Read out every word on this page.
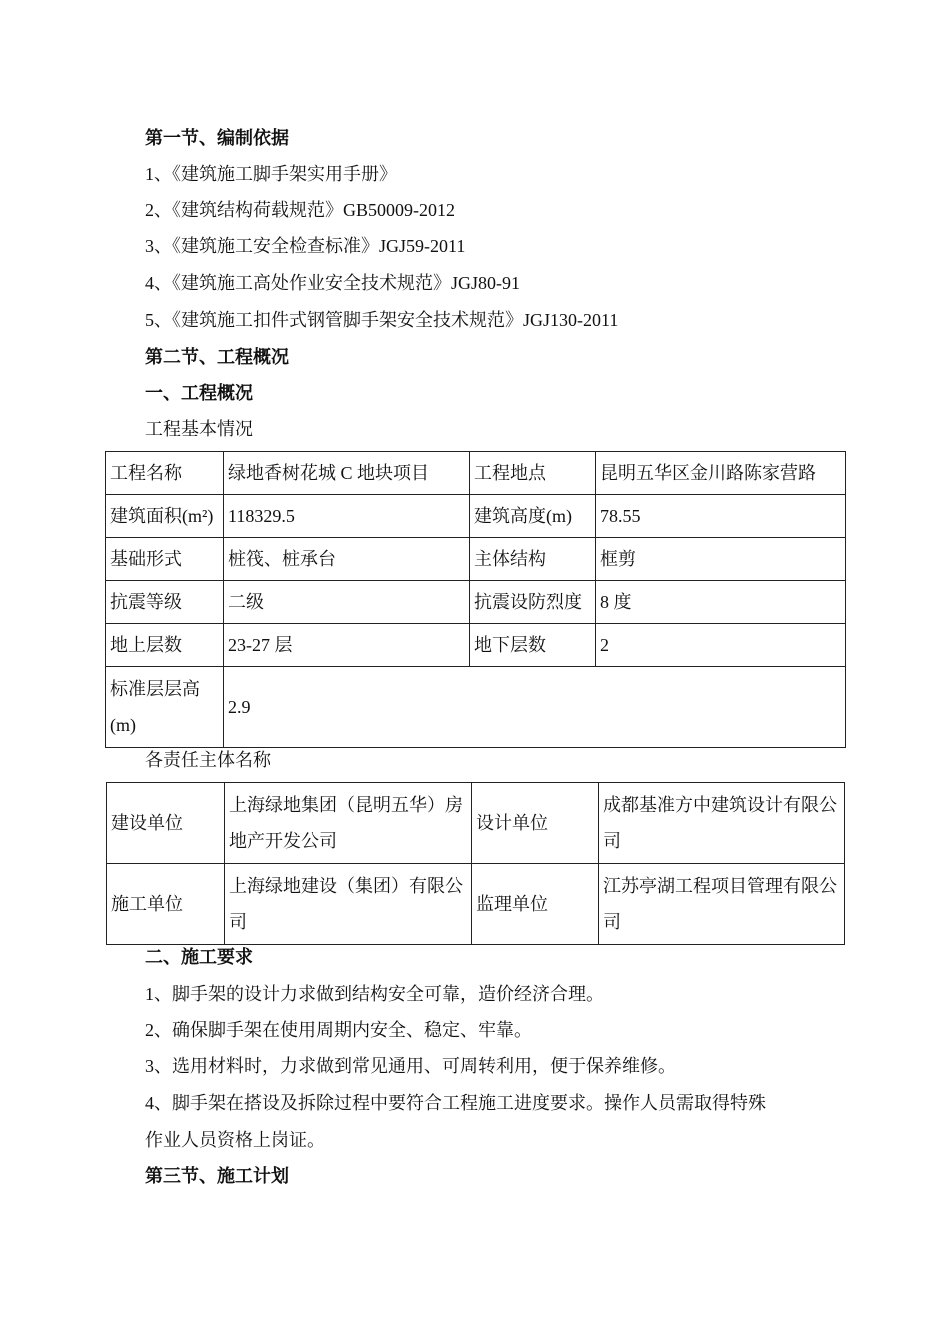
第一节、编制依据
1、《建筑施工脚手架实用手册》
2、《建筑结构荷载规范》GB50009-2012
3、《建筑施工安全检查标准》JGJ59-2011
4、《建筑施工高处作业安全技术规范》JGJ80-91
5、《建筑施工扣件式钢管脚手架安全技术规范》JGJ130-2011
第二节、工程概况
一、工程概况
工程基本情况
工程名称	绿地香树花城 C 地块项目	工程地点	昆明五华区金川路陈家营路
建筑面积(m²)	118329.5	建筑高度(m)	78.55
基础形式	桩筏、桩承台	主体结构	框剪
抗震等级	二级	抗震设防烈度	8 度
地上层数	23-27 层	地下层数	2
标准层层高(m)	2.9		
各责任主体名称
建设单位	上海绿地集团（昆明五华）房地产开发公司	设计单位	成都基准方中建筑设计有限公司
施工单位	上海绿地建设（集团）有限公司	监理单位	江苏亭湖工程项目管理有限公司
二、施工要求
1、脚手架的设计力求做到结构安全可靠，造价经济合理。
2、确保脚手架在使用周期内安全、稳定、牢靠。
3、选用材料时，力求做到常见通用、可周转利用，便于保养维修。
4、脚手架在搭设及拆除过程中要符合工程施工进度要求。操作人员需取得特殊
作业人员资格上岗证。
第三节、施工计划
